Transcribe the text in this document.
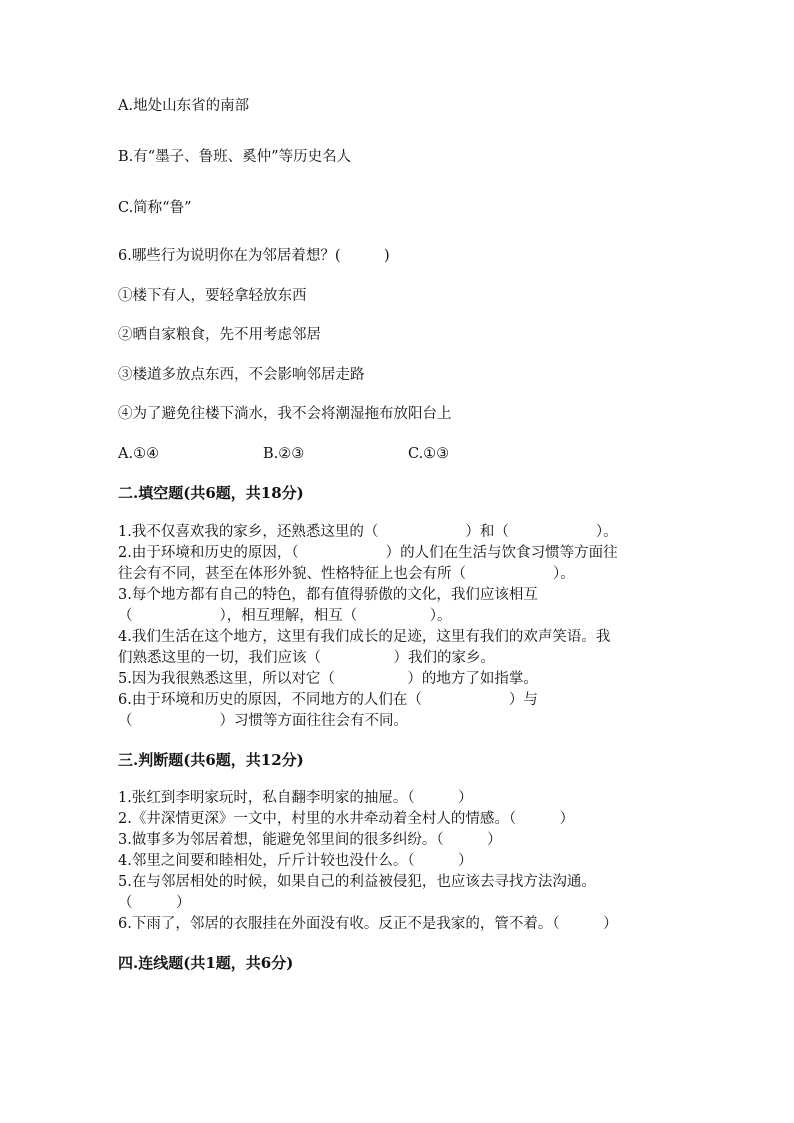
A.地处山东省的南部

B.有“墨子、鲁班、奚仲”等历史名人

C.简称“鲁”

6.哪些行为说明你在为邻居着想？(　　　)

①楼下有人，要轻拿轻放东西

②晒自家粮食，先不用考虑邻居

③楼道多放点东西，不会影响邻居走路

④为了避免往楼下淌水，我不会将潮湿拖布放阳台上

A.①④	B.②③	C.①③

二.填空题(共6题，共18分)

1.我不仅喜欢我的家乡，还熟悉这里的（　　　　　　）和（　　　　　　）。

2.由于环境和历史的原因，（　　　　　　）的人们在生活与饮食习惯等方面往

往会有不同，甚至在体形外貌、性格特征上也会有所（　　　　　　）。

3.每个地方都有自己的特色，都有值得骄傲的文化，我们应该相互

（　　　　　　），相互理解，相互（　　　　　）。

4.我们生活在这个地方，这里有我们成长的足迹，这里有我们的欢声笑语。我

们熟悉这里的一切，我们应该（　　　　　）我们的家乡。

5.因为我很熟悉这里，所以对它（　　　　　）的地方了如指掌。

6.由于环境和历史的原因，不同地方的人们在（　　　　　　）与

（　　　　　　）习惯等方面往往会有不同。

三.判断题(共6题，共12分)

1.张红到李明家玩时，私自翻李明家的抽屉。（　　　）

2.《井深情更深》一文中，村里的水井牵动着全村人的情感。（　　　）

3.做事多为邻居着想，能避免邻里间的很多纠纷。（　　　）

4.邻里之间要和睦相处，斤斤计较也没什么。（　　　）

5.在与邻居相处的时候，如果自己的利益被侵犯，也应该去寻找方法沟通。

（　　　）

6.下雨了，邻居的衣服挂在外面没有收。反正不是我家的，管不着。（　　　）

四.连线题(共1题，共6分)
